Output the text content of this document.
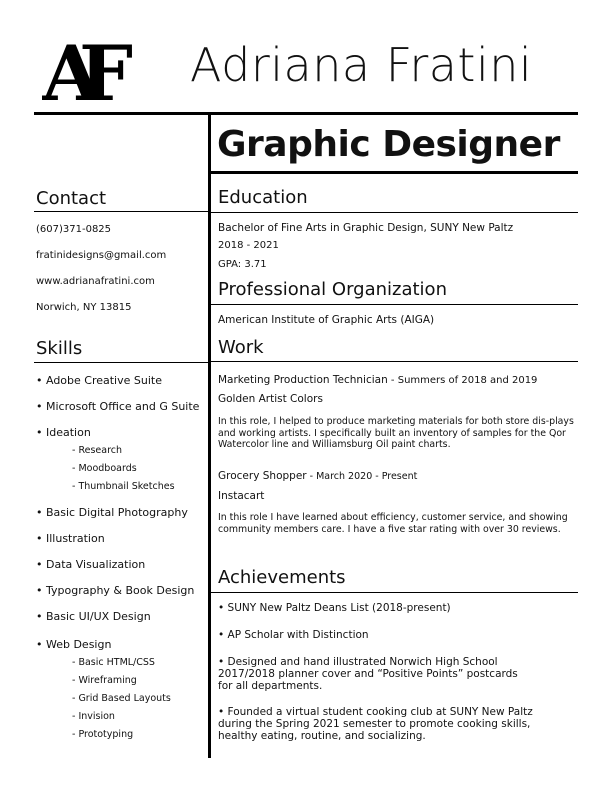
AF	Adriana Fratini
Graphic Designer
Contact
(607)371-0825
fratinidesigns@gmail.com
www.adrianafratini.com
Norwich, NY 13815
Skills
• Adobe Creative Suite
• Microsoft Office and G Suite
• Ideation
- Research
- Moodboards
- Thumbnail Sketches
• Basic Digital Photography
• Illustration
• Data Visualization
• Typography & Book Design
• Basic UI/UX Design
• Web Design
- Basic HTML/CSS
- Wireframing
- Grid Based Layouts
- Invision
- Prototyping
Education
Bachelor of Fine Arts in Graphic Design, SUNY New Paltz
2018 - 2021
GPA: 3.71
Professional Organization
American Institute of Graphic Arts (AIGA)
Work
Marketing Production Technician - Summers of 2018 and 2019
Golden Artist Colors
In this role, I helped to produce marketing materials for both store dis-plays and working artists. I specifically built an inventory of samples for the Qor Watercolor line and Williamsburg Oil paint charts.
Grocery Shopper - March 2020 - Present
Instacart
In this role I have learned about efficiency, customer service, and showing community members care. I have a five star rating with over 30 reviews.
Achievements
• SUNY New Paltz Deans List (2018-present)
• AP Scholar with Distinction
• Designed and hand illustrated Norwich High School 2017/2018 planner cover and “Positive Points” postcards for all departments.
• Founded a virtual student cooking club at SUNY New Paltz during the Spring 2021 semester to promote cooking skills, healthy eating, routine, and socializing.
